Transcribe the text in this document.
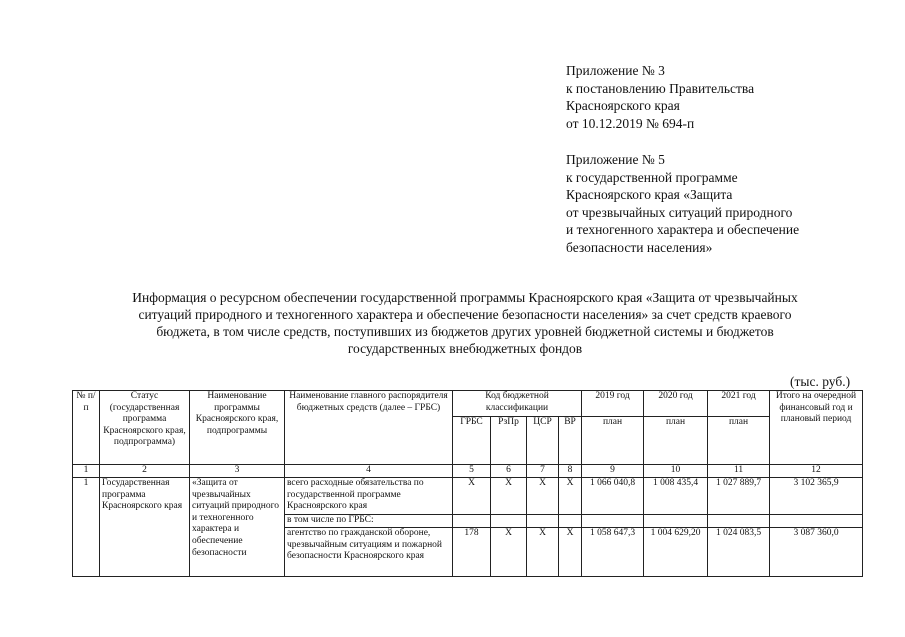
Приложение № 3
к постановлению Правительства
Красноярского края
от 10.12.2019 № 694-п
Приложение № 5
к государственной программе
Красноярского края «Защита
от чрезвычайных ситуаций природного
и техногенного характера и обеспечение
безопасности населения»
Информация о ресурсном обеспечении государственной программы Красноярского края «Защита от чрезвычайных
ситуаций природного и техногенного характера и обеспечение безопасности населения» за счет средств краевого
бюджета, в том числе средств, поступивших из бюджетов других уровней бюджетной системы и бюджетов
государственных внебюджетных фондов
(тыс. руб.)
№ п/п	Статус (государственная программа Красноярского края, подпрограмма)	Наименование программы Красноярского края, подпрограммы	Наименование главного распорядителя бюджетных средств (далее – ГРБС)	Код бюджетной классификации				2019 год	2020 год	2021 год	Итого на очередной финансовый год и плановый период
				ГРБС	РзПр	ЦСР	ВР	план	план	план	
1	2	3	4	5	6	7	8	9	10	11	12
1	Государственная программа Красноярского края	«Защита от чрезвычайных ситуаций природного и техногенного характера и обеспечение безопасности	всего расходные обязательства по государственной программе Красноярского края	Х	Х	Х	Х	1 066 040,8	1 008 435,4	1 027 889,7	3 102 365,9
			в том числе по ГРБС:								
			агентство по гражданской обороне, чрезвычайным ситуациям и пожарной безопасности Красноярского края	178	Х	Х	Х	1 058 647,3	1 004 629,20	1 024 083,5	3 087 360,0
